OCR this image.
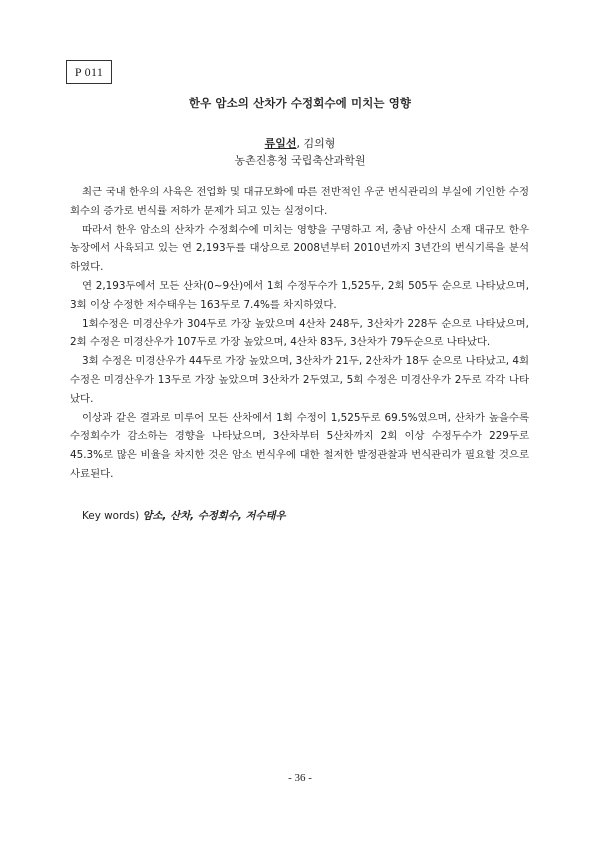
P 011
한우 암소의 산차가 수정회수에 미치는 영향
류일선, 김의형
농촌진흥청 국립축산과학원

최근 국내 한우의 사육은 전업화 및 대규모화에 따른 전반적인 우군 번식관리의 부실에 기인한 수정회수의 증가로 번식률 저하가 문제가 되고 있는 실정이다.

따라서 한우 암소의 산차가 수정회수에 미치는 영향을 구명하고 저, 충남 아산시 소재 대규모 한우 농장에서 사육되고 있는 연 2,193두를 대상으로 2008년부터 2010년까지 3년간의 번식기록을 분석하였다.

연 2,193두에서 모든 산차(0~9산)에서 1회 수정두수가 1,525두, 2회 505두 순으로 나타났으며, 3회 이상 수정한 저수태우는 163두로 7.4%를 차지하였다.

1회수정은 미경산우가 304두로 가장 높았으며 4산차 248두, 3산차가 228두 순으로 나타났으며, 2회 수정은 미경산우가 107두로 가장 높았으며, 4산차 83두, 3산차가 79두순으로 나타났다.

3회 수정은 미경산우가 44두로 가장 높았으며, 3산차가 21두, 2산차가 18두 순으로 나타났고, 4회 수정은 미경산우가 13두로 가장 높았으며 3산차가 2두였고, 5회 수정은 미경산우가 2두로 각각 나타났다.

이상과 같은 결과로 미루어 모든 산차에서 1회 수정이 1,525두로 69.5%였으며, 산차가 높을수록 수정회수가 감소하는 경향을 나타났으며, 3산차부터 5산차까지 2회 이상 수정두수가 229두로 45.3%로 많은 비율을 차지한 것은 암소 번식우에 대한 철저한 발정관찰과 번식관리가 필요할 것으로 사료된다.

Key words) 암소, 산차, 수정회수, 저수태우
- 36 -
